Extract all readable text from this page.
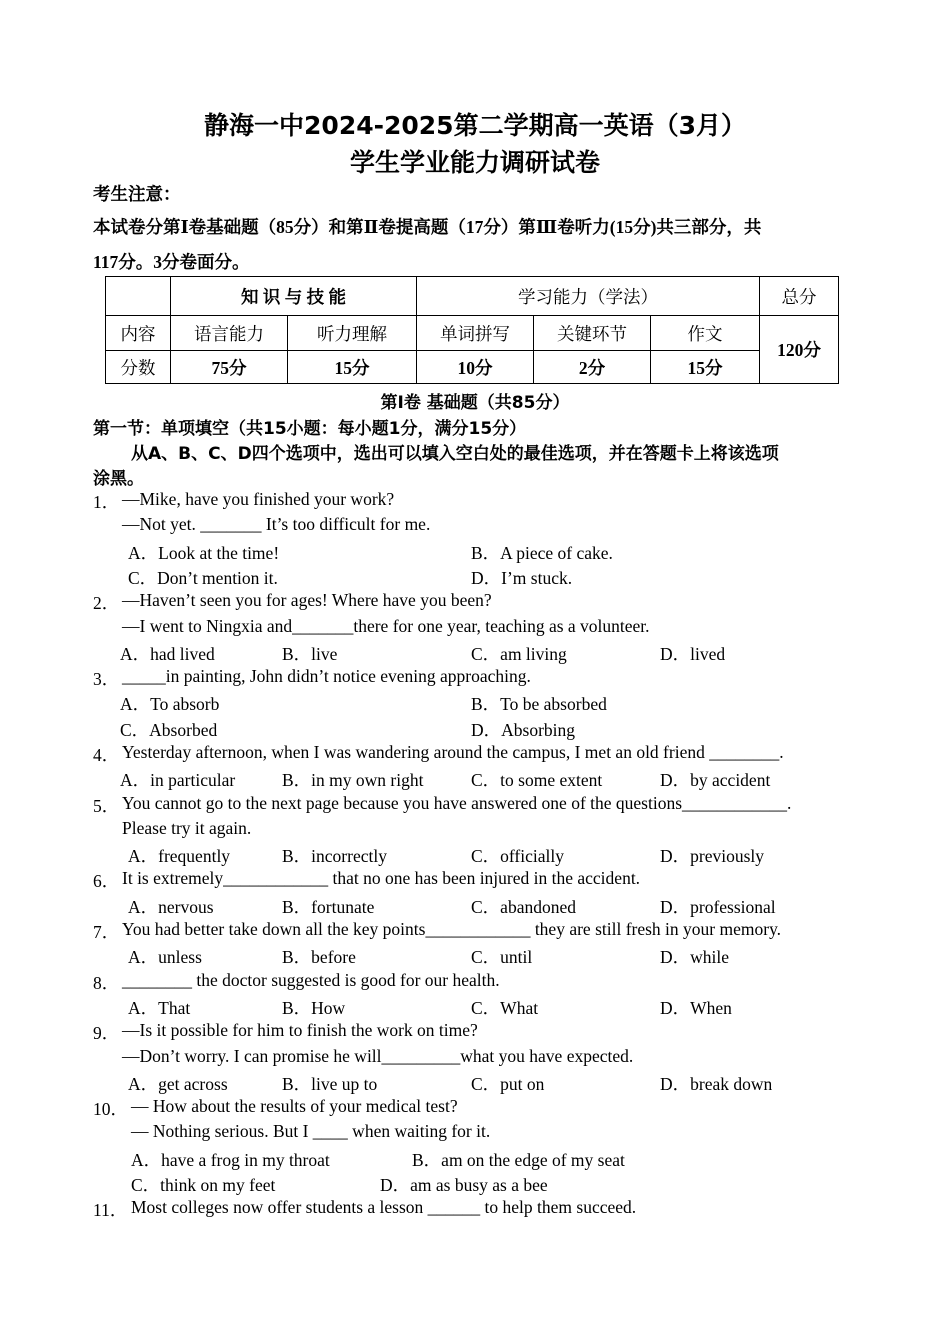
静海一中2024-2025第二学期高一英语（3月）
学生学业能力调研试卷
考生注意：
本试卷分第Ⅰ卷基础题（85分）和第Ⅱ卷提高题（17分）第Ⅲ卷听力(15分)共三部分，共
117分。3分卷面分。
	知 识 与 技 能		学习能力（学法）			总分
内容	语言能力	听力理解	单词拼写	关键环节	作文	120分
分数	75分	15分	10分	2分	15分	
第Ⅰ卷 基础题（共85分）
第一节：单项填空（共15小题：每小题1分，满分15分）
从A、B、C、D四个选项中，选出可以填入空白处的最佳选项，并在答题卡上将该选项
涂黑。
1． —Mike, have you finished your work?
—Not yet. _______ It’s too difficult for me.
A．Look at the time!	B．A piece of cake.
C．Don’t mention it.	D．I’m stuck.
2． —Haven’t seen you for ages! Where have you been?
—I went to Ningxia and_______there for one year, teaching as a volunteer.
A．had lived	B．live	C．am living	D．lived
3． _____in painting, John didn’t notice evening approaching.
A．To absorb	B．To be absorbed
C．Absorbed	D．Absorbing
4． Yesterday afternoon, when I was wandering around the campus, I met an old friend ________.
A．in particular	B．in my own right	C．to some extent	D．by accident
5． You cannot go to the next page because you have answered one of the questions____________.
Please try it again.
A．frequently	B．incorrectly	C．officially	D．previously
6． It is extremely____________ that no one has been injured in the accident.
A．nervous	B．fortunate	C．abandoned	D．professional
7． You had better take down all the key points____________ they are still fresh in your memory.
A．unless	B．before	C．until	D．while
8． ________ the doctor suggested is good for our health.
A．That	B．How	C．What	D．When
9． —Is it possible for him to finish the work on time?
—Don’t worry. I can promise he will_________what you have expected.
A．get across	B．live up to	C．put on	D．break down
10． — How about the results of your medical test?
— Nothing serious. But I ____ when waiting for it.
A．have a frog in my throat	B．am on the edge of my seat
C．think on my feet	D．am as busy as a bee
11． Most colleges now offer students a lesson ______ to help them succeed.
